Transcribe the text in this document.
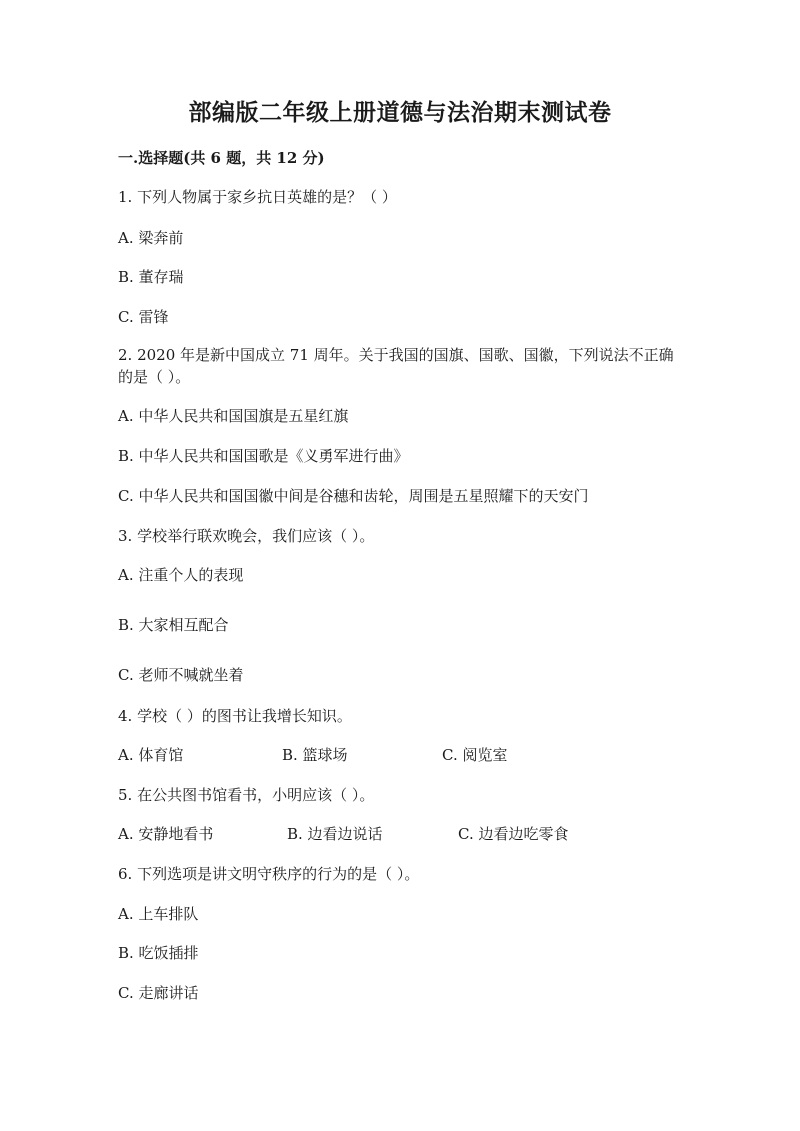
部编版二年级上册道德与法治期末测试卷
一.选择题(共 6 题，共 12 分)
1. 下列人物属于家乡抗日英雄的是？（ ）
A. 梁奔前
B. 董存瑞
C. 雷锋
2. 2020 年是新中国成立 71 周年。关于我国的国旗、国歌、国徽，下列说法不正确的是（ ）。
A. 中华人民共和国国旗是五星红旗
B. 中华人民共和国国歌是《义勇军进行曲》
C. 中华人民共和国国徽中间是谷穗和齿轮，周围是五星照耀下的天安门
3. 学校举行联欢晚会，我们应该（ ）。
A. 注重个人的表现
B. 大家相互配合
C. 老师不喊就坐着
4. 学校（ ）的图书让我增长知识。
A. 体育馆	B. 篮球场	C. 阅览室
5. 在公共图书馆看书，小明应该（ ）。
A. 安静地看书	B. 边看边说话	C. 边看边吃零食
6. 下列选项是讲文明守秩序的行为的是（ ）。
A. 上车排队
B. 吃饭插排
C. 走廊讲话
